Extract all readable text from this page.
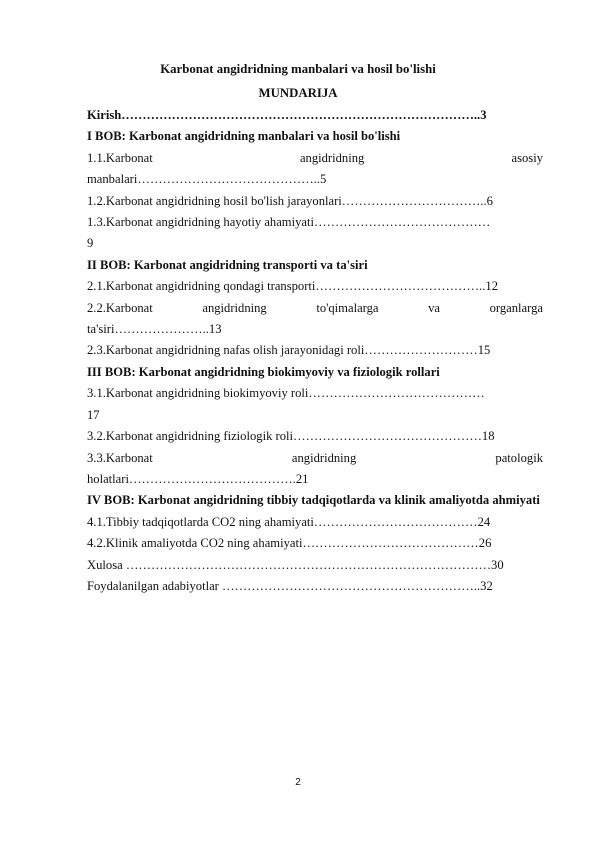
Karbonat angidridning manbalari va hosil bo'lishi
MUNDARIJA

Kirish…………………………………………………………………………..3

I BOB: Karbonat angidridning manbalari va hosil bo'lishi

1.1.Karbonat angidridning asosiy

manbalari……………………………………..5

1.2.Karbonat angidridning hosil bo'lish jarayonlari……………………………..6

1.3.Karbonat angidridning hayotiy ahamiyati……………………………………

9

II BOB: Karbonat angidridning transporti va ta'siri

2.1.Karbonat angidridning qondagi transporti…………………………………..12

2.2.Karbonat angidridning to'qimalarga va organlarga

ta'siri…………………..13

2.3.Karbonat angidridning nafas olish jarayonidagi roli………………………15

III BOB: Karbonat angidridning biokimyoviy va fiziologik rollari

3.1.Karbonat angidridning biokimyoviy roli……………………………………

17

3.2.Karbonat angidridning fiziologik roli………………………………………18

3.3.Karbonat angidridning patologik

holatlari………………………………….21

IV BOB: Karbonat angidridning tibbiy tadqiqotlarda va klinik amaliyotda ahmiyati

4.1.Tibbiy tadqiqotlarda CO2 ning ahamiyati…………………………………24

4.2.Klinik amaliyotda CO2 ning ahamiyati……………………………………26

Xulosa ……………………………………………………………………………30

Foydalanilgan adabiyotlar ……………………………………………………..32

2
